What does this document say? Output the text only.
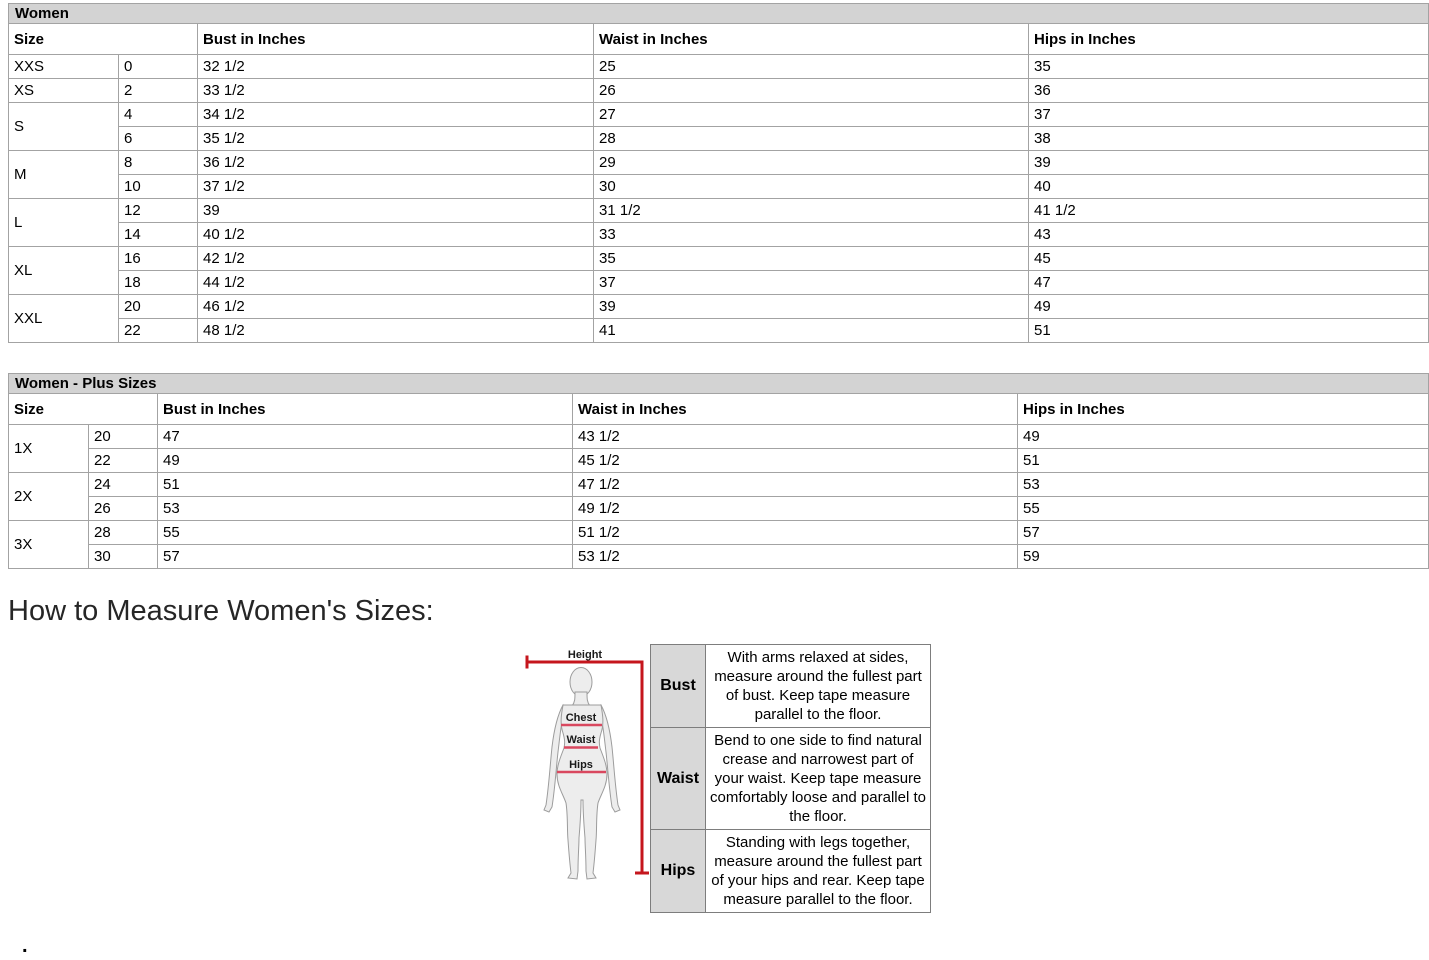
Women				
Size		Bust in Inches	Waist in Inches	Hips in Inches
XXS	0	32 1/2	25	35
XS	2	33 1/2	26	36
S	4	34 1/2	27	37
	6	35 1/2	28	38
M	8	36 1/2	29	39
	10	37 1/2	30	40
L	12	39	31 1/2	41 1/2
	14	40 1/2	33	43
XL	16	42 1/2	35	45
	18	44 1/2	37	47
XXL	20	46 1/2	39	49
	22	48 1/2	41	51
Women - Plus Sizes				
Size		Bust in Inches	Waist in Inches	Hips in Inches
1X	20	47	43 1/2	49
	22	49	45 1/2	51
2X	24	51	47 1/2	53
	26	53	49 1/2	55
3X	28	55	51 1/2	57
	30	57	53 1/2	59
How to Measure Women's Sizes:
Height
Chest
Waist
Hips
Bust	With arms relaxed at sides, measure around the fullest part of bust. Keep tape measure parallel to the floor.
Waist	Bend to one side to find natural crease and narrowest part of your waist. Keep tape measure comfortably loose and parallel to the floor.
Hips	Standing with legs together, measure around the fullest part of your hips and rear. Keep tape measure parallel to the floor.
.
